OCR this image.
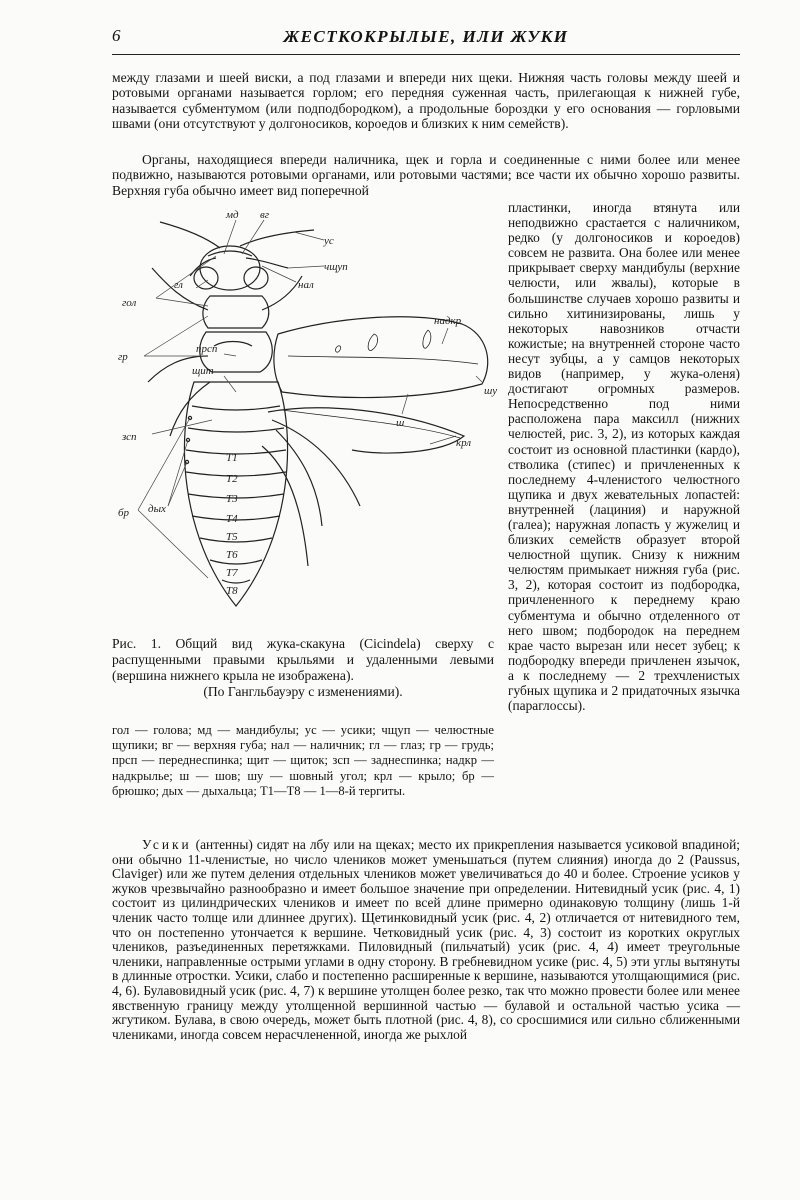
6	ЖЕСТКОКРЫЛЫЕ, ИЛИ ЖУКИ

между глазами и шеей виски, а под глазами и впереди них щеки. Нижняя часть головы между шеей и ротовыми органами называется горлом; его передняя суженная часть, прилегающая к нижней губе, называется субментумом (или подподбородком), а продольные бороздки у его основания — горловыми швами (они отсутствуют у долгоносиков, короедов и близких к ним семейств).

Органы, находящиеся впереди наличника, щек и горла и соединенные с ними более или менее подвижно, называются ротовыми органами, или ротовыми частями; все части их обычно хорошо развиты. Верхняя губа обычно имеет вид поперечной

пластинки, иногда втянута или неподвижно срастается с наличником, редко (у долгоносиков и короедов) совсем не развита. Она более или менее прикрывает сверху мандибулы (верхние челюсти, или жвалы), которые в большинстве случаев хорошо развиты и сильно хитинизированы, лишь у некоторых навозников отчасти кожистые; на внутренней стороне часто несут зубцы, а у самцов некоторых видов (например, у жука-оленя) достигают огромных размеров. Непосредственно под ними расположена пара максилл (нижних челюстей, рис. 3, 2), из которых каждая состоит из основной пластинки (кардо), стволика (стипес) и причлененных к последнему 4-членистого челюстного щупика и двух жевательных лопастей: внутренней (лациния) и наружной (галеа); наружная лопасть у жужелиц и близких семейств образует второй челюстной щупик. Снизу к нижним челюстям примыкает нижняя губа (рис. 3, 2), которая состоит из подбородка, причлененного к переднему краю субментума и обычно отделенного от него швом; подбородок на переднем крае часто вырезан или несет зубец; к подбородку впереди причленен язычок, а к последнему — 2 трехчленистых губных щупика и 2 придаточных язычка (параглоссы).

мд вг
ус
чщуп
нал
гл
гол
гр
прсп
щит
надкр
шу
ш
крл
зсп
бр дых
Т1
Т2
Т3
Т4
Т5
Т6
Т7
Т8
Рис. 1. Общий вид жука-скакуна (Cicindela) сверху с распущенными правыми крыльями и удаленными левыми (вершина нижнего крыла не изображена).
(По Гангльбауэру с изменениями).

гол — голова; мд — мандибулы; ус — усики; чщуп — челюстные щупики; вг — верхняя губа; нал — наличник; гл — глаз; гр — грудь; прсп — переднеспинка; щит — щиток; зсп — заднеспинка; надкр — надкрылье; ш — шов; шу — шовный угол; крл — крыло; бр — брюшко; дых — дыхальца; Т1—Т8 — 1—8-й тергиты.

Усики (антенны) сидят на лбу или на щеках; место их прикрепления называется усиковой впадиной; они обычно 11-членистые, но число члеников может уменьшаться (путем слияния) иногда до 2 (Paussus, Claviger) или же путем деления отдельных члеников может увеличиваться до 40 и более. Строение усиков у жуков чрезвычайно разнообразно и имеет большое значение при определении. Нитевидный усик (рис. 4, 1) состоит из цилиндрических члеников и имеет по всей длине примерно одинаковую толщину (лишь 1-й членик часто толще или длиннее других). Щетинковидный усик (рис. 4, 2) отличается от нитевидного тем, что он постепенно утончается к вершине. Четковидный усик (рис. 4, 3) состоит из коротких округлых члеников, разъединенных перетяжками. Пиловидный (пильчатый) усик (рис. 4, 4) имеет треугольные членики, направленные острыми углами в одну сторону. В гребневидном усике (рис. 4, 5) эти углы вытянуты в длинные отростки. Усики, слабо и постепенно расширенные к вершине, называются утолщающимися (рис. 4, 6). Булавовидный усик (рис. 4, 7) к вершине утолщен более резко, так что можно провести более или менее явственную границу между утолщенной вершинной частью — булавой и остальной частью усика — жгутиком. Булава, в свою очередь, может быть плотной (рис. 4, 8), со сросшимися или сильно сближенными члениками, иногда совсем нерасчлененной, иногда же рыхлой
